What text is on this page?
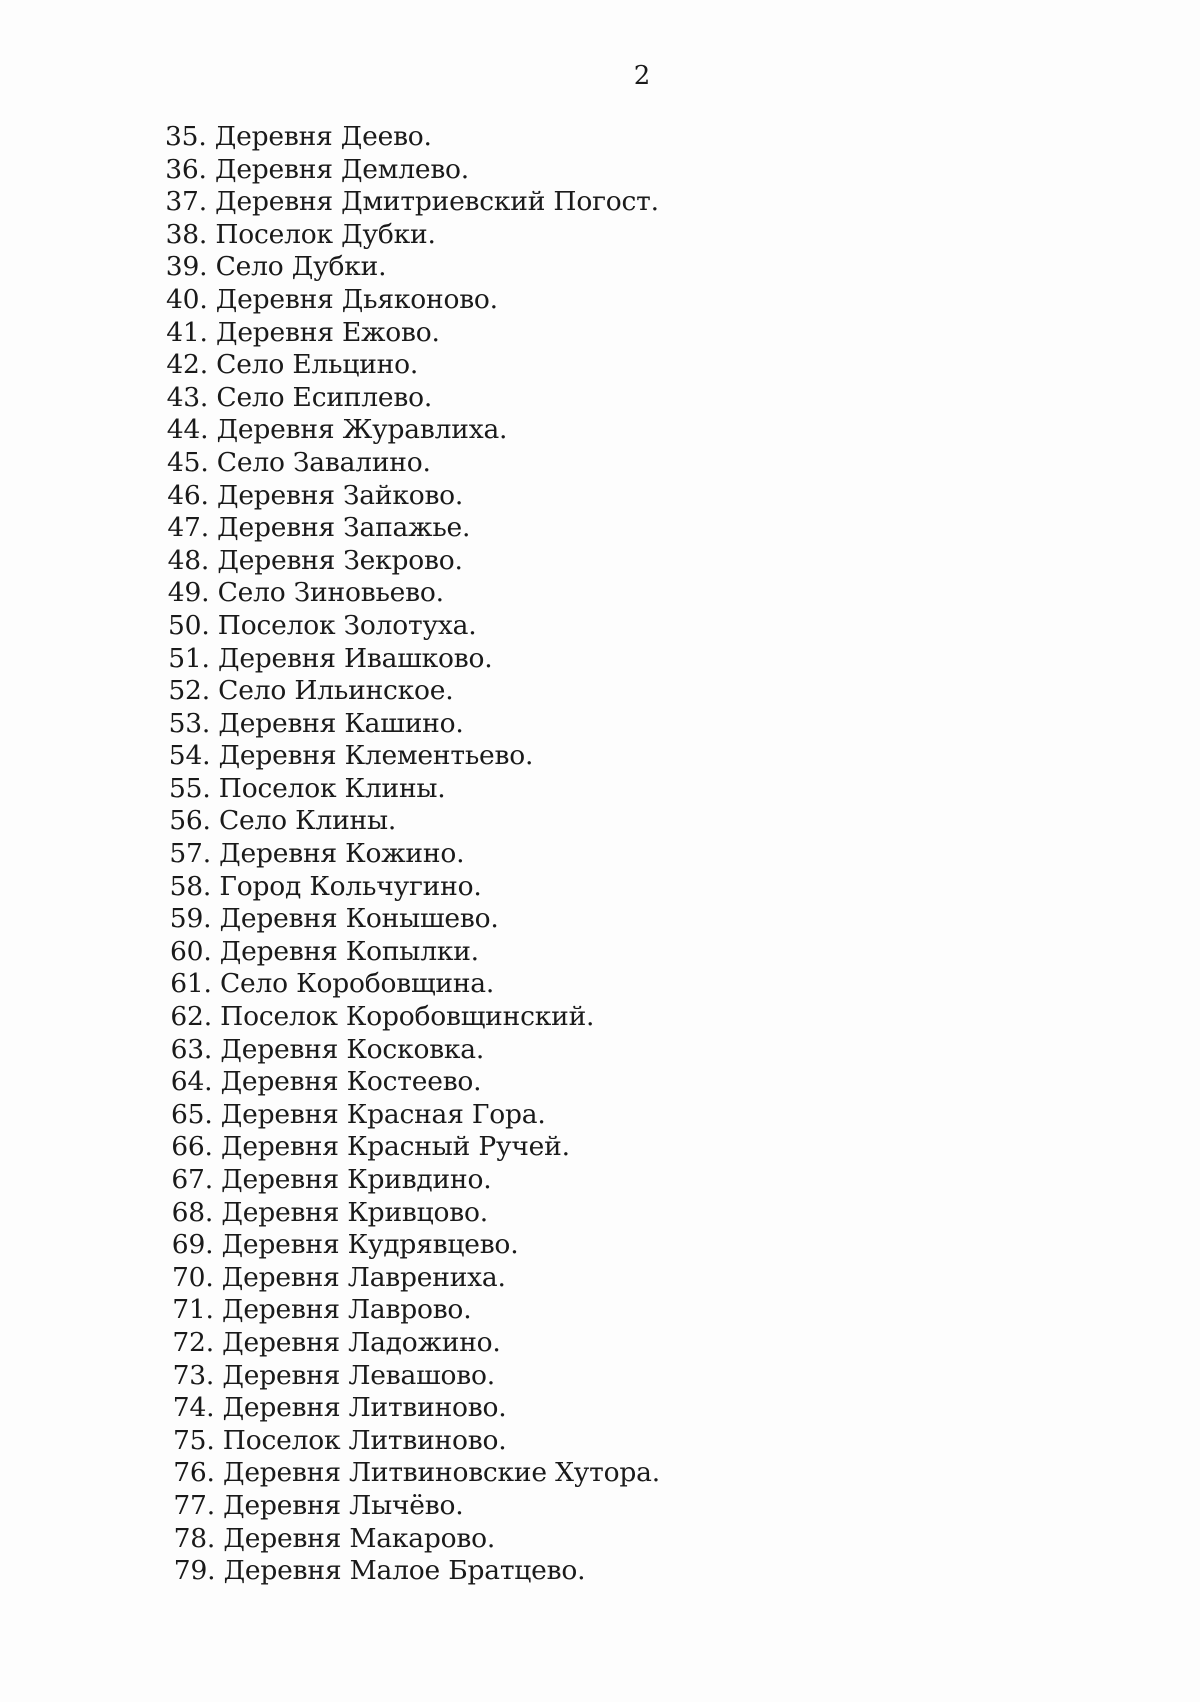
2
35. Деревня Деево.
36. Деревня Демлево.
37. Деревня Дмитриевский Погост.
38. Поселок Дубки.
39. Село Дубки.
40. Деревня Дьяконово.
41. Деревня Ежово.
42. Село Ельцино.
43. Село Есиплево.
44. Деревня Журавлиха.
45. Село Завалино.
46. Деревня Зайково.
47. Деревня Запажье.
48. Деревня Зекрово.
49. Село Зиновьево.
50. Поселок Золотуха.
51. Деревня Ивашково.
52. Село Ильинское.
53. Деревня Кашино.
54. Деревня Клементьево.
55. Поселок Клины.
56. Село Клины.
57. Деревня Кожино.
58. Город Кольчугино.
59. Деревня Конышево.
60. Деревня Копылки.
61. Село Коробовщина.
62. Поселок Коробовщинский.
63. Деревня Косковка.
64. Деревня Костеево.
65. Деревня Красная Гора.
66. Деревня Красный Ручей.
67. Деревня Кривдино.
68. Деревня Кривцово.
69. Деревня Кудрявцево.
70. Деревня Лаврениха.
71. Деревня Лаврово.
72. Деревня Ладожино.
73. Деревня Левашово.
74. Деревня Литвиново.
75. Поселок Литвиново.
76. Деревня Литвиновские Хутора.
77. Деревня Лычёво.
78. Деревня Макарово.
79. Деревня Малое Братцево.
